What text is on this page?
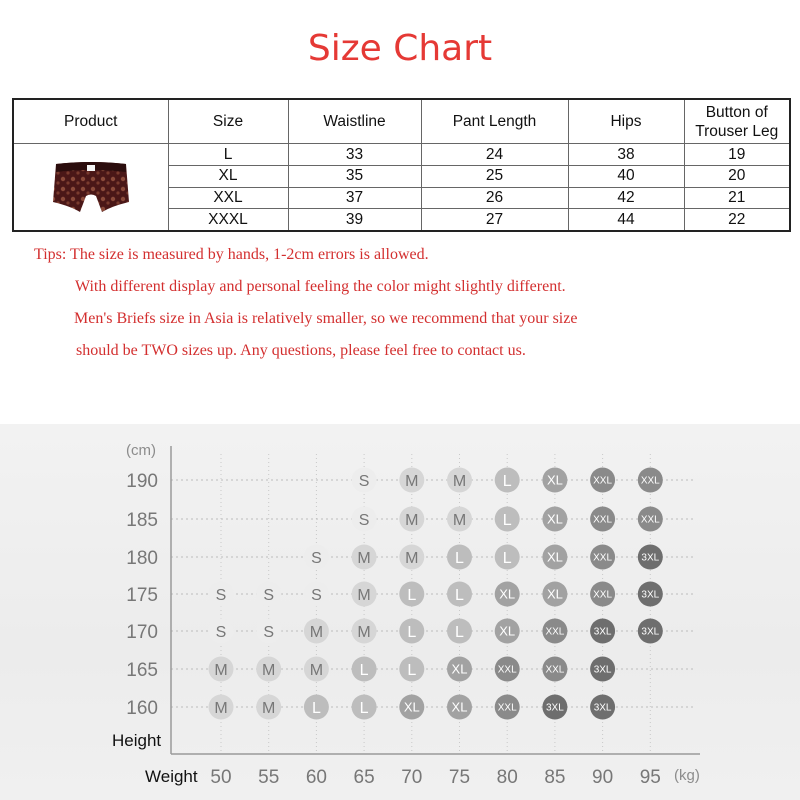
Size Chart
Product	Size	Waistline	Pant Length	Hips	Button of
Trouser Leg
	L	33	24	38	19
	XL	35	25	40	20
	XXL	37	26	42	21
	XXXL	39	27	44	22
Tips: The size is measured by hands, 1-2cm errors is allowed.
With different display and personal feeling the color might slightly different.
Men's Briefs size in Asia is relatively smaller, so we recommend that your size
should be TWO sizes up. Any questions, please feel free to contact us.
(cm)
(kg)
Height
Weight
190
185
180
175
170
165
160
50 55 60 65 70 75 80 85 90 95
S M M L	XL	XXL	XXL
S M M L	XL	XXL	XXL
S M M L L	XL	XXL	3XL
S S S M L L	XL XL	XXL	3XL
S S M M L L	XL	XXL	3XL	3XL
M M M L L	XL	XXL	XXL	3XL
M M L L	XL XL	XXL	3XL	3XL
